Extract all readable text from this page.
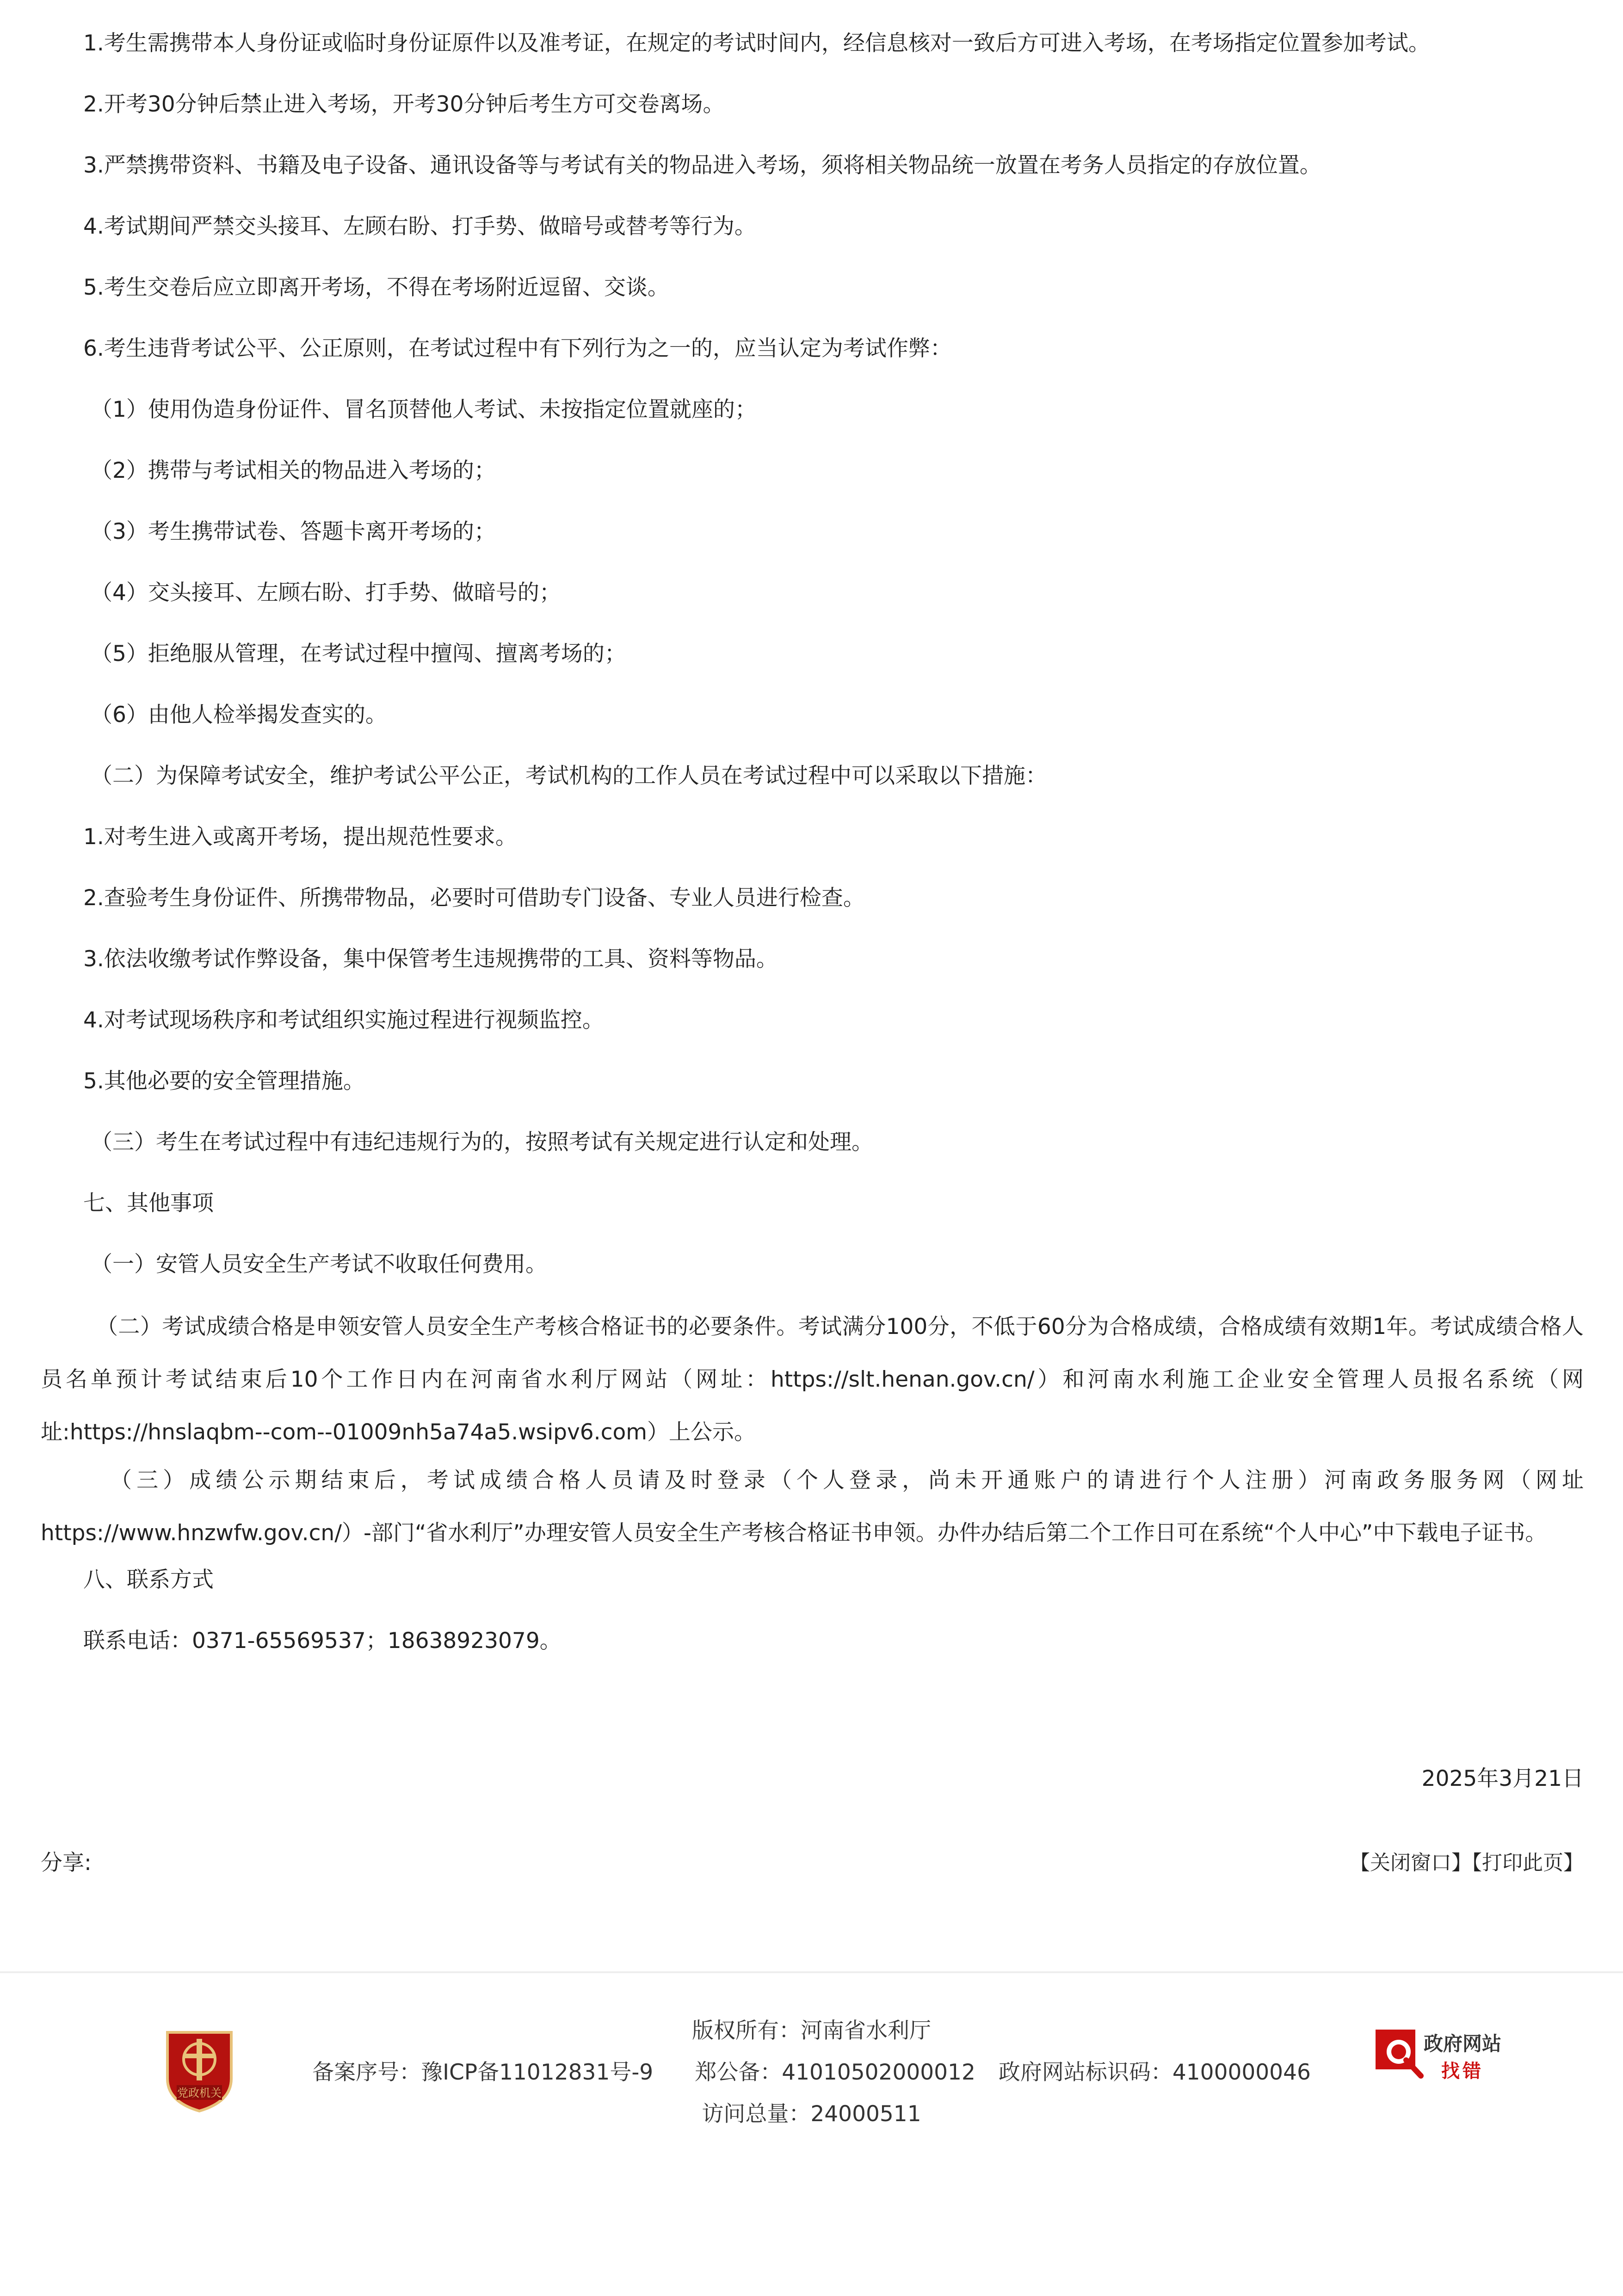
1.考生需携带本人身份证或临时身份证原件以及准考证，在规定的考试时间内，经信息核对一致后方可进入考场，在考场指定位置参加考试。
2.开考30分钟后禁止进入考场，开考30分钟后考生方可交卷离场。
3.严禁携带资料、书籍及电子设备、通讯设备等与考试有关的物品进入考场，须将相关物品统一放置在考务人员指定的存放位置。
4.考试期间严禁交头接耳、左顾右盼、打手势、做暗号或替考等行为。
5.考生交卷后应立即离开考场，不得在考场附近逗留、交谈。
6.考生违背考试公平、公正原则，在考试过程中有下列行为之一的，应当认定为考试作弊：
（1）使用伪造身份证件、冒名顶替他人考试、未按指定位置就座的；
（2）携带与考试相关的物品进入考场的；
（3）考生携带试卷、答题卡离开考场的；
（4）交头接耳、左顾右盼、打手势、做暗号的；
（5）拒绝服从管理，在考试过程中擅闯、擅离考场的；
（6）由他人检举揭发查实的。
（二）为保障考试安全，维护考试公平公正，考试机构的工作人员在考试过程中可以采取以下措施：
1.对考生进入或离开考场，提出规范性要求。
2.查验考生身份证件、所携带物品，必要时可借助专门设备、专业人员进行检查。
3.依法收缴考试作弊设备，集中保管考生违规携带的工具、资料等物品。
4.对考试现场秩序和考试组织实施过程进行视频监控。
5.其他必要的安全管理措施。
（三）考生在考试过程中有违纪违规行为的，按照考试有关规定进行认定和处理。
七、其他事项
（一）安管人员安全生产考试不收取任何费用。
（二）考试成绩合格是申领安管人员安全生产考核合格证书的必要条件。考试满分100分，不低于60分为合格成绩，合格成绩有效期1年。考试成绩合格人员名单预计考试结束后10个工作日内在河南省水利厅网站（网址：https://slt.henan.gov.cn/）和河南水利施工企业安全管理人员报名系统（网址:https://hnslaqbm--com--01009nh5a74a5.wsipv6.com）上公示。
（三）成绩公示期结束后，考试成绩合格人员请及时登录（个人登录，尚未开通账户的请进行个人注册）河南政务服务网（网址https://www.hnzwfw.gov.cn/）-部门“省水利厅”办理安管人员安全生产考核合格证书申领。办件办结后第二个工作日可在系统“个人中心”中下载电子证书。
八、联系方式
联系电话：0371-65569537；18638923079。
2025年3月21日
分享:	【关闭窗口】【打印此页】
党政机关
版权所有：河南省水利厅
备案序号：豫ICP备11012831号-9 郑公备：41010502000012 政府网站标识码：4100000046
访问总量：24000511
政府网站
找错
